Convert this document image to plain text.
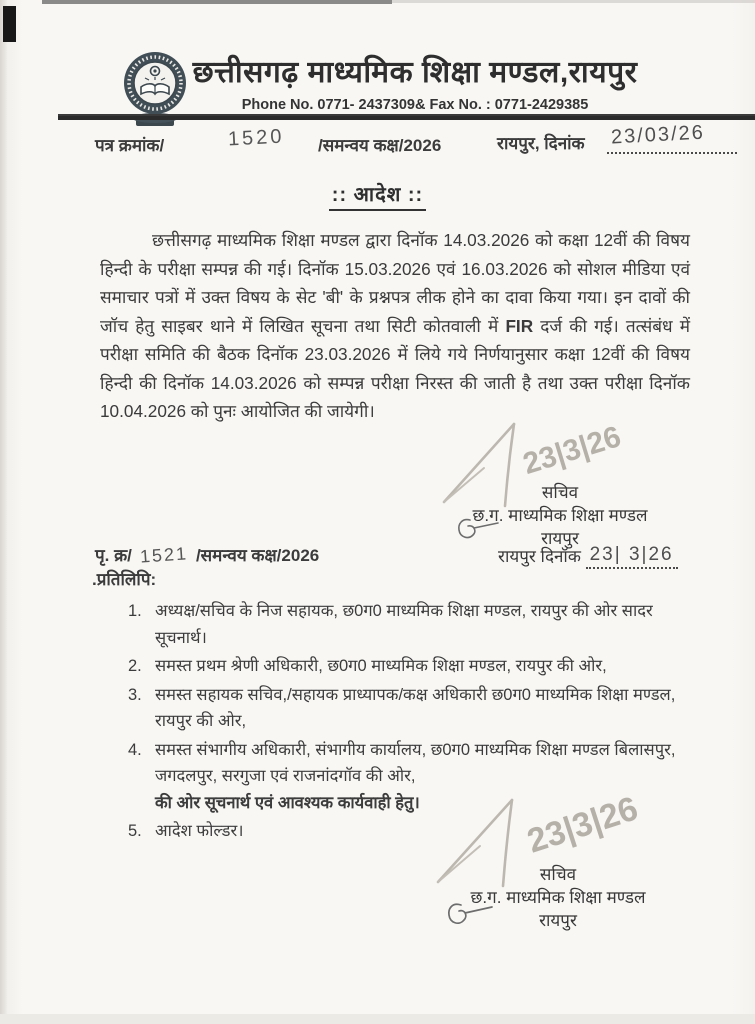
छत्तीसगढ़ माध्यमिक शिक्षा मण्डल,रायपुर
Phone No. 0771- 2437309& Fax No. : 0771-2429385
पत्र क्रमांक/	1520 /समन्वय कक्ष/2026	रायपुर, दिनांक 23/03/26
:: आदेश ::
छत्तीसगढ़ माध्यमिक शिक्षा मण्डल द्वारा दिनॉक 14.03.2026 को कक्षा 12वीं की विषय हिन्दी के परीक्षा सम्पन्न की गई। दिनॉक 15.03.2026 एवं 16.03.2026 को सोशल मीडिया एवं समाचार पत्रों में उक्त विषय के सेट 'बी' के प्रश्नपत्र लीक होने का दावा किया गया। इन दावों की जॉच हेतु साइबर थाने में लिखित सूचना तथा सिटी कोतवाली में FIR दर्ज की गई। तत्संबंध में परीक्षा समिति की बैठक दिनॉक 23.03.2026 में लिये गये निर्णयानुसार कक्षा 12वीं की विषय हिन्दी की दिनॉक 14.03.2026 को सम्पन्न परीक्षा निरस्त की जाती है तथा उक्त परीक्षा दिनॉक 10.04.2026 को पुनः आयोजित की जायेगी।
23|3|26
सचिव
छ.ग. माध्यमिक शिक्षा मण्डल
रायपुर
रायपुर दिनॉक 23| 3|26
पृ. क्र/ 1521 /समन्वय कक्ष/2026
.प्रतिलिपि:
1. अध्यक्ष/सचिव के निज सहायक, छ0ग0 माध्यमिक शिक्षा मण्डल, रायपुर की ओर सादर सूचनार्थ।
2. समस्त प्रथम श्रेणी अधिकारी, छ0ग0 माध्यमिक शिक्षा मण्डल, रायपुर की ओर,
3. समस्त सहायक सचिव,/सहायक प्राध्यापक/कक्ष अधिकारी छ0ग0 माध्यमिक शिक्षा मण्डल, रायपुर की ओर,
4. समस्त संभागीय अधिकारी, संभागीय कार्यालय, छ0ग0 माध्यमिक शिक्षा मण्डल बिलासपुर, जगदलपुर, सरगुजा एवं राजनांदगॉव की ओर,
की ओर सूचनार्थ एवं आवश्यक कार्यवाही हेतु।
5. आदेश फोल्डर।	23|3|26
सचिव
छ.ग. माध्यमिक शिक्षा मण्डल
रायपुर
